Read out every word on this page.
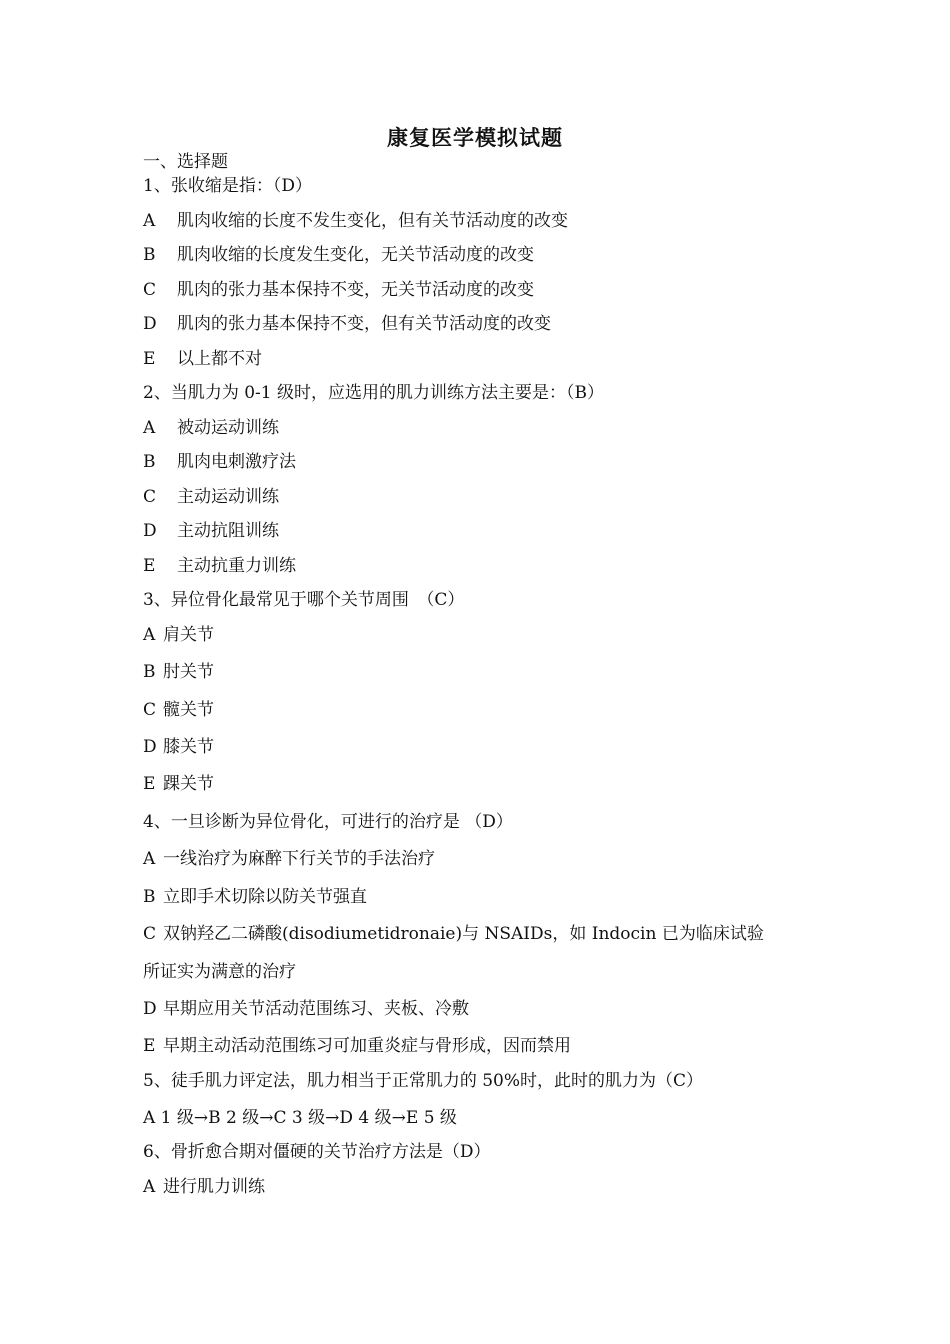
康复医学模拟试题
一、选择题
1、张收缩是指：（D）
A 肌肉收缩的长度不发生变化，但有关节活动度的改变
B 肌肉收缩的长度发生变化，无关节活动度的改变
C 肌肉的张力基本保持不变，无关节活动度的改变
D 肌肉的张力基本保持不变，但有关节活动度的改变
E 以上都不对
2、当肌力为 0-1 级时，应选用的肌力训练方法主要是：（B）
A 被动运动训练
B 肌肉电刺激疗法
C 主动运动训练
D 主动抗阻训练
E 主动抗重力训练
3、异位骨化最常见于哪个关节周围　（C）
A 肩关节
B 肘关节
C 髋关节
D 膝关节
E 踝关节
4、一旦诊断为异位骨化，可进行的治疗是 （D）
A 一线治疗为麻醉下行关节的手法治疗
B 立即手术切除以防关节强直
C 双钠羟乙二磷酸(disodiumetidronaie)与 NSAIDs，如 Indocin 已为临床试验
所证实为满意的治疗
D 早期应用关节活动范围练习、夹板、冷敷
E 早期主动活动范围练习可加重炎症与骨形成，因而禁用
5、徒手肌力评定法，肌力相当于正常肌力的 50%时，此时的肌力为（C）
A 1 级→B 2 级→C 3 级→D 4 级→E 5 级
6、骨折愈合期对僵硬的关节治疗方法是（D）
A 进行肌力训练
